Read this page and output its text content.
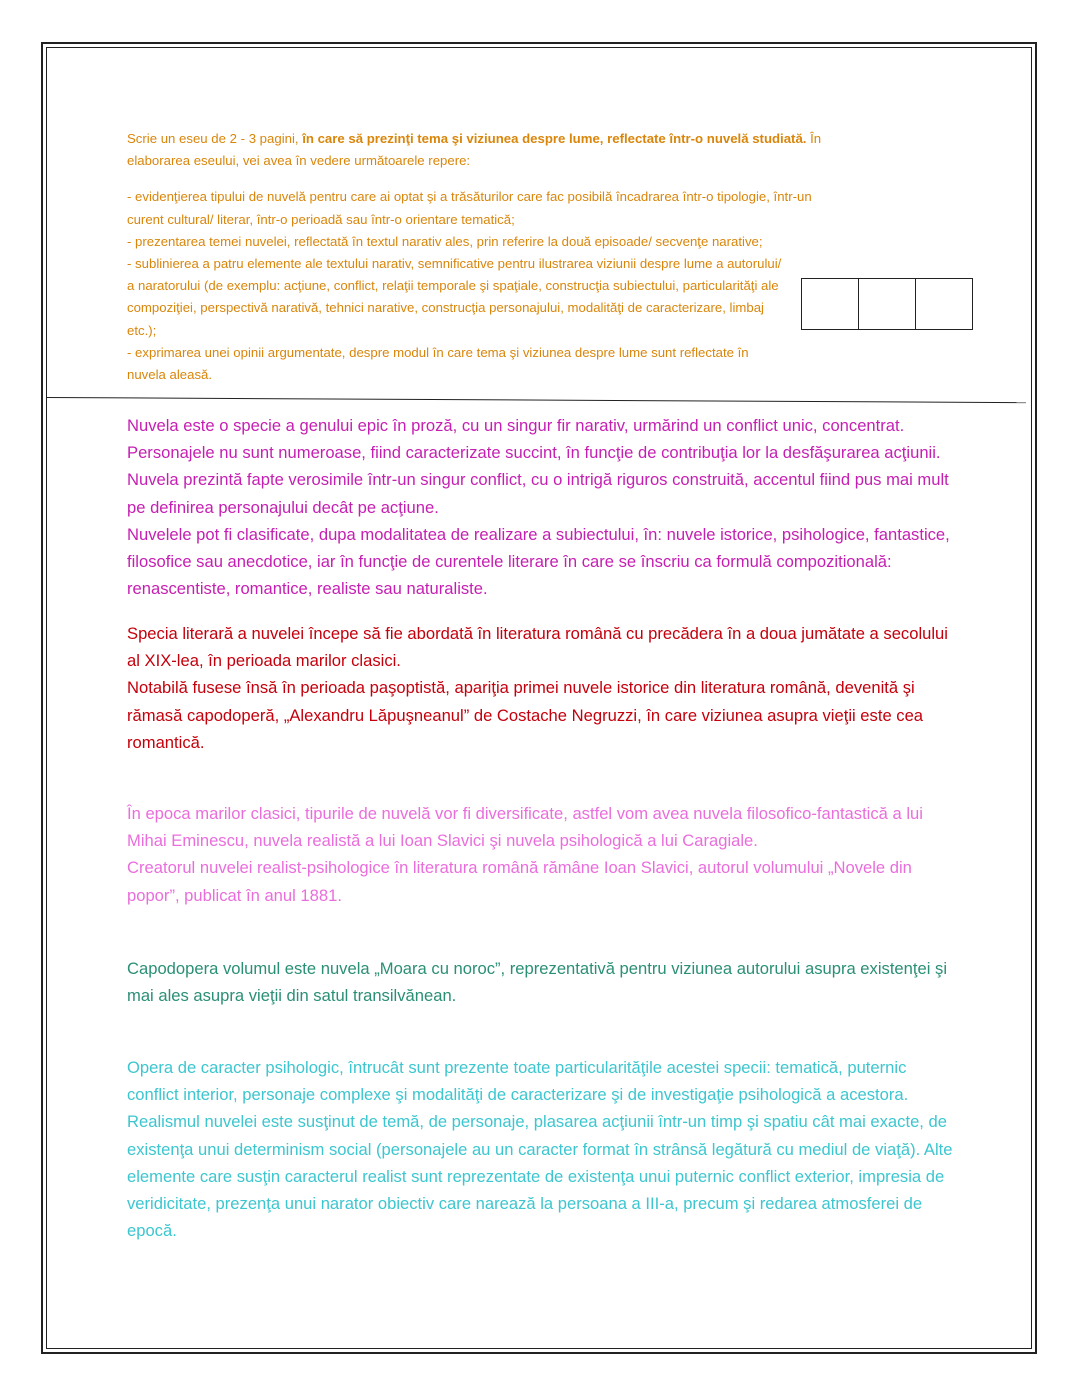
Scrie un eseu de 2 - 3 pagini, în care să prezinţi tema şi viziunea despre lume, reflectate într-o nuvelă studiată. În elaborarea eseului, vei avea în vedere următoarele repere:

- evidenţierea tipului de nuvelă pentru care ai optat şi a trăsăturilor care fac posibilă încadrarea într-o tipologie, într-un curent cultural/ literar, într-o perioadă sau într-o orientare tematică;

- prezentarea temei nuvelei, reflectată în textul narativ ales, prin referire la două episoade/ secvenţe narative;

- sublinierea a patru elemente ale textului narativ, semnificative pentru ilustrarea viziunii despre lume a autorului/ a naratorului (de exemplu: acţiune, conflict, relaţii temporale şi spaţiale, construcţia subiectului, particularităţi ale compoziţiei, perspectivă narativă, tehnici narative, construcţia personajului, modalităţi de caracterizare, limbaj etc.);

- exprimarea unei opinii argumentate, despre modul în care tema şi viziunea despre lume sunt reflectate în nuvela aleasă.

Nuvela este o specie a genului epic în proză, cu un singur fir narativ, urmărind un conflict unic, concentrat. Personajele nu sunt numeroase, fiind caracterizate succint, în funcţie de contribuţia lor la desfăşurarea acţiunii. Nuvela prezintă fapte verosimile într-un singur conflict, cu o intrigă riguros construită, accentul fiind pus mai mult pe definirea personajului decât pe acţiune.

Nuvelele pot fi clasificate, dupa modalitatea de realizare a subiectului, în: nuvele istorice, psihologice, fantastice, filosofice sau anecdotice, iar în funcţie de curentele literare în care se înscriu ca formulă compozitională: renascentiste, romantice, realiste sau naturaliste.

Specia literară a nuvelei începe să fie abordată în literatura română cu precădera în a doua jumătate a secolului al XIX-lea, în perioada marilor clasici.

Notabilă fusese însă în perioada paşoptistă, apariţia primei nuvele istorice din literatura română, devenită şi rămasă capodoperă, „Alexandru Lăpuşneanul” de Costache Negruzzi, în care viziunea asupra vieţii este cea romantică.

În epoca marilor clasici, tipurile de nuvelă vor fi diversificate, astfel vom avea nuvela filosofico-fantastică a lui Mihai Eminescu, nuvela realistă a lui Ioan Slavici şi nuvela psihologică a lui Caragiale.

Creatorul nuvelei realist-psihologice în literatura română rămâne Ioan Slavici, autorul volumului „Novele din popor”, publicat în anul 1881.

Capodopera volumul este nuvela „Moara cu noroc”, reprezentativă pentru viziunea autorului asupra existenţei şi mai ales asupra vieţii din satul transilvănean.

Opera de caracter psihologic, întrucât sunt prezente toate particularităţile acestei specii: tematică, puternic conflict interior, personaje complexe şi modalităţi de caracterizare şi de investigaţie psihologică a acestora. Realismul nuvelei este susţinut de temă, de personaje, plasarea acţiunii într-un timp şi spatiu cât mai exacte, de existenţa unui determinism social (personajele au un caracter format în strânsă legătură cu mediul de viaţă). Alte elemente care susţin caracterul realist sunt reprezentate de existenţa unui puternic conflict exterior, impresia de veridicitate, prezenţa unui narator obiectiv care narează la persoana a III-a, precum şi redarea atmosferei de epocă.
